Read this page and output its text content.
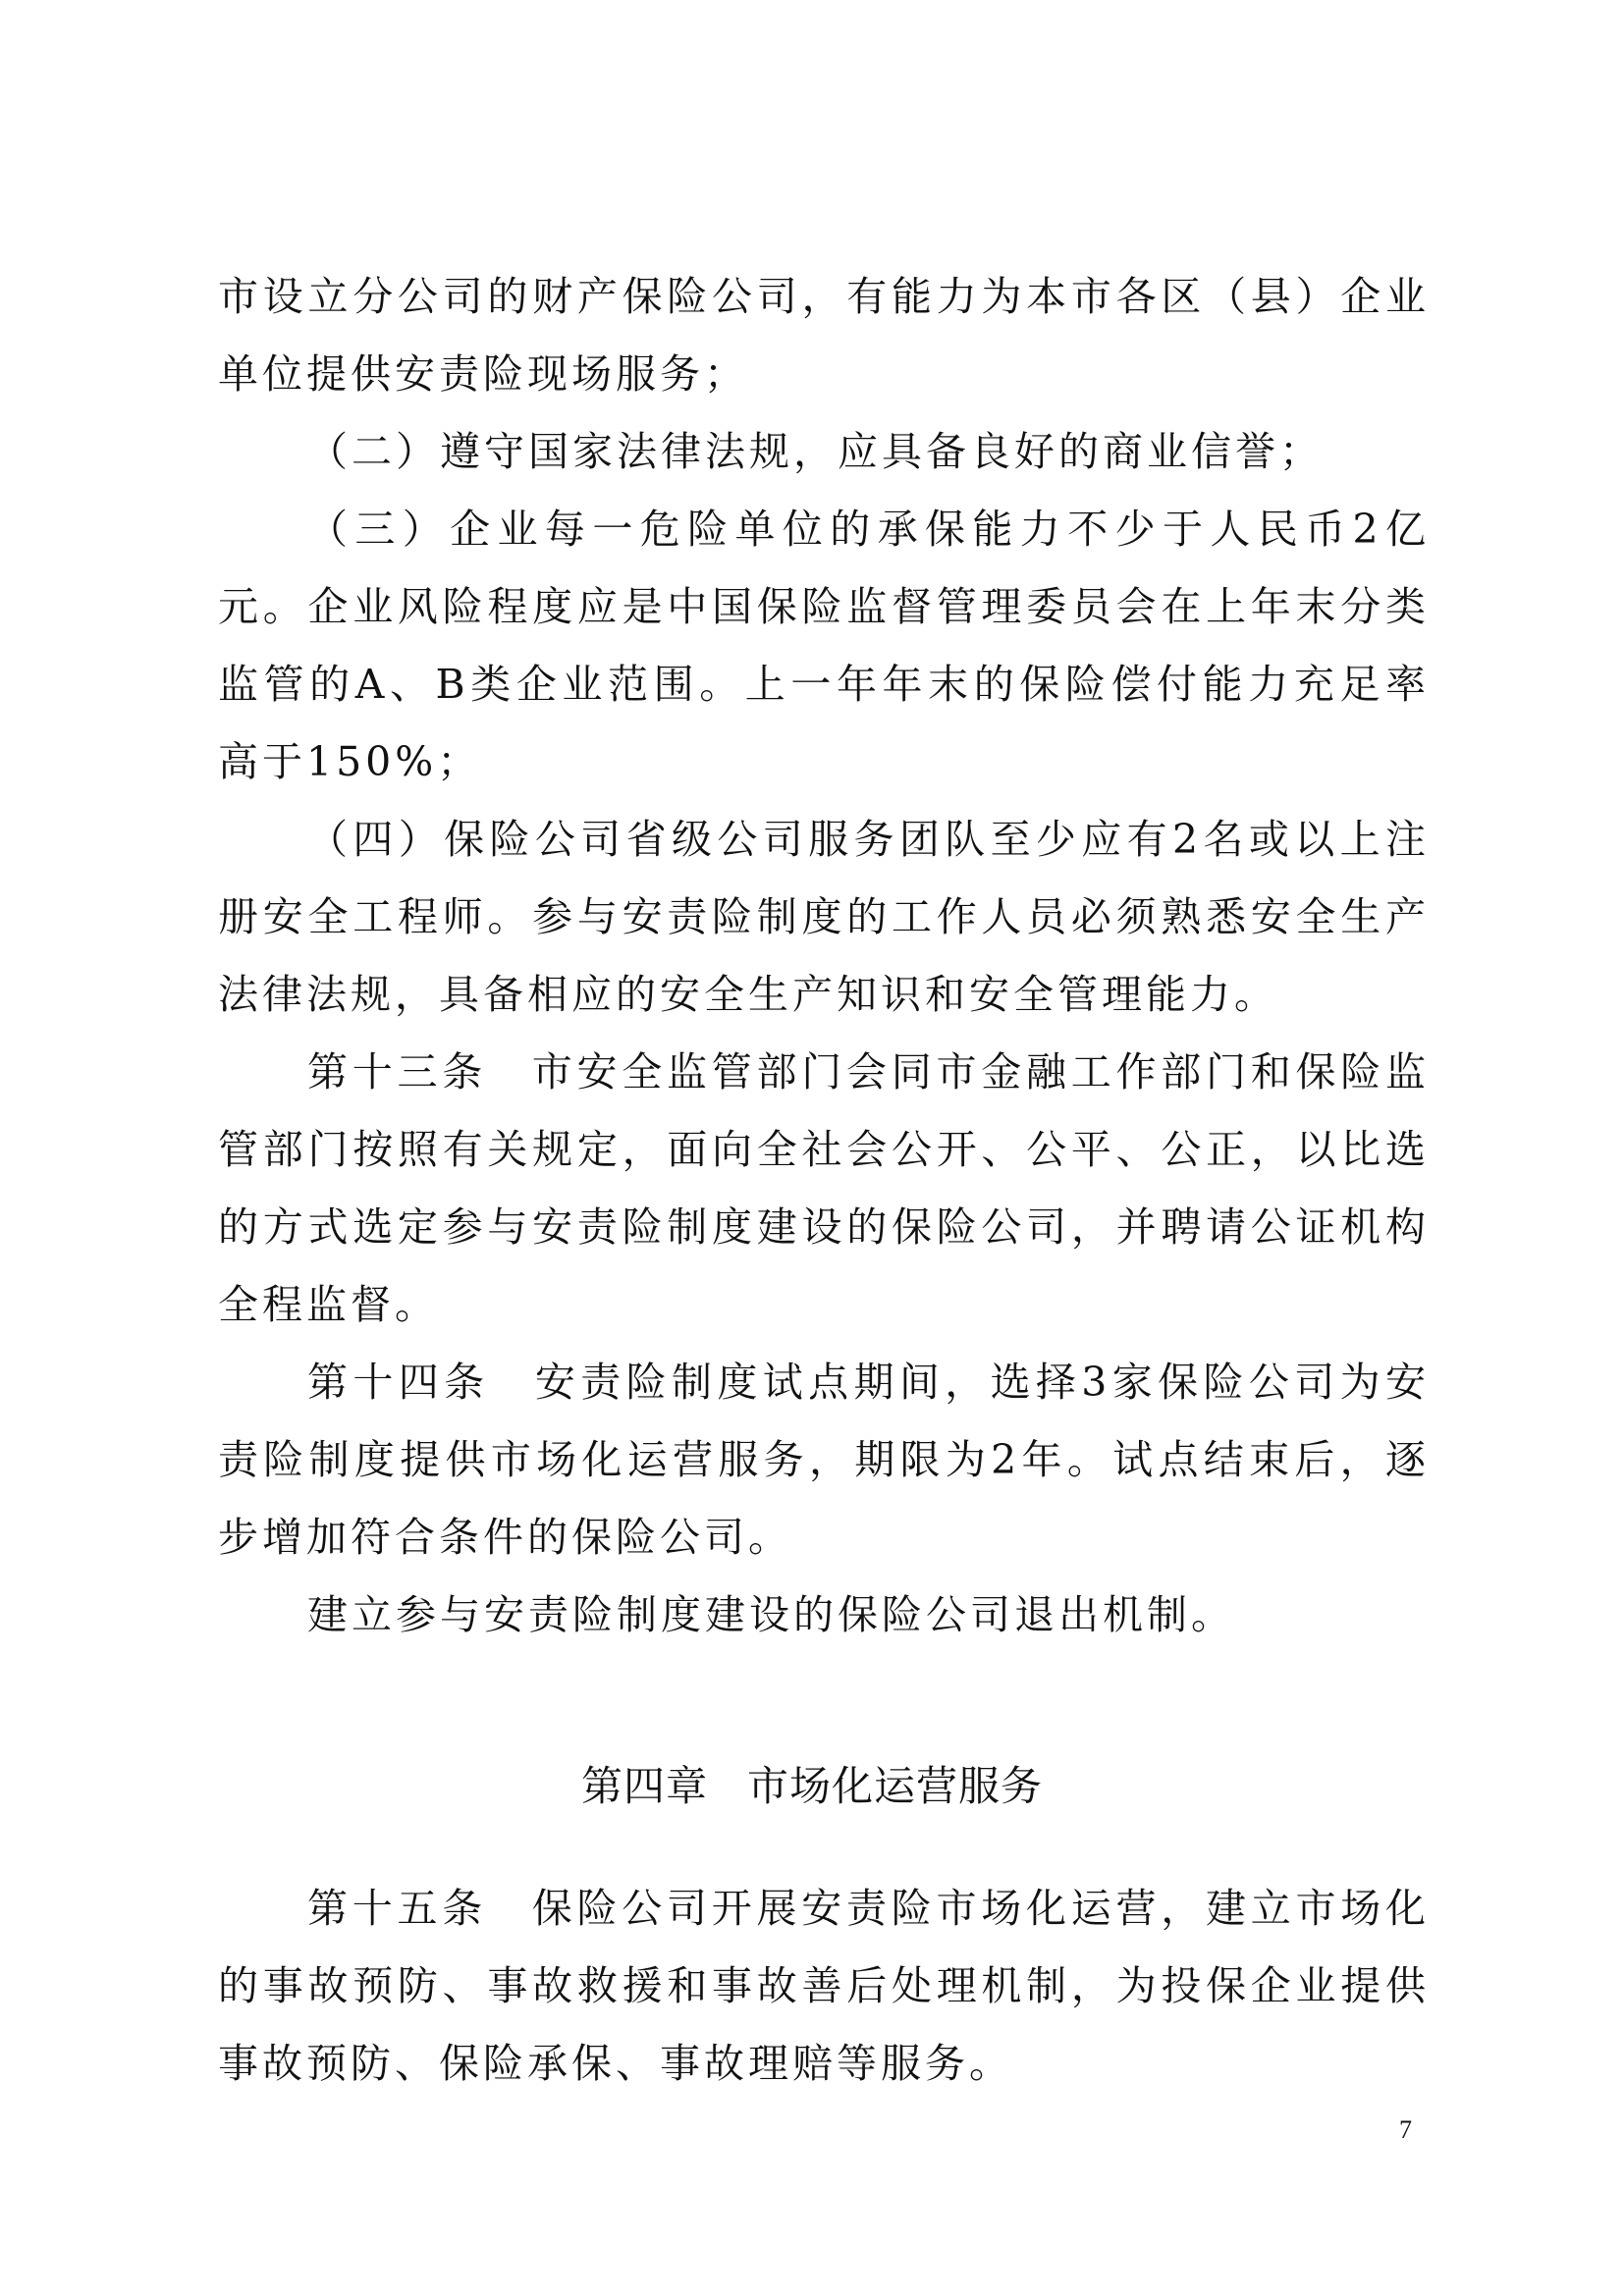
市设立分公司的财产保险公司，有能力为本市各区（县）企业单位提供安责险现场服务；

（二）遵守国家法律法规，应具备良好的商业信誉；

（三）企业每一危险单位的承保能力不少于人民币2亿元。企业风险程度应是中国保险监督管理委员会在上年末分类监管的A、B类企业范围。上一年年末的保险偿付能力充足率高于150%；

（四）保险公司省级公司服务团队至少应有2名或以上注册安全工程师。参与安责险制度的工作人员必须熟悉安全生产法律法规，具备相应的安全生产知识和安全管理能力。

第十三条　市安全监管部门会同市金融工作部门和保险监管部门按照有关规定，面向全社会公开、公平、公正，以比选的方式选定参与安责险制度建设的保险公司，并聘请公证机构全程监督。

第十四条　安责险制度试点期间，选择3家保险公司为安责险制度提供市场化运营服务，期限为2年。试点结束后，逐步增加符合条件的保险公司。

建立参与安责险制度建设的保险公司退出机制。

第四章 市场化运营服务

第十五条　保险公司开展安责险市场化运营，建立市场化的事故预防、事故救援和事故善后处理机制，为投保企业提供事故预防、保险承保、事故理赔等服务。

7
